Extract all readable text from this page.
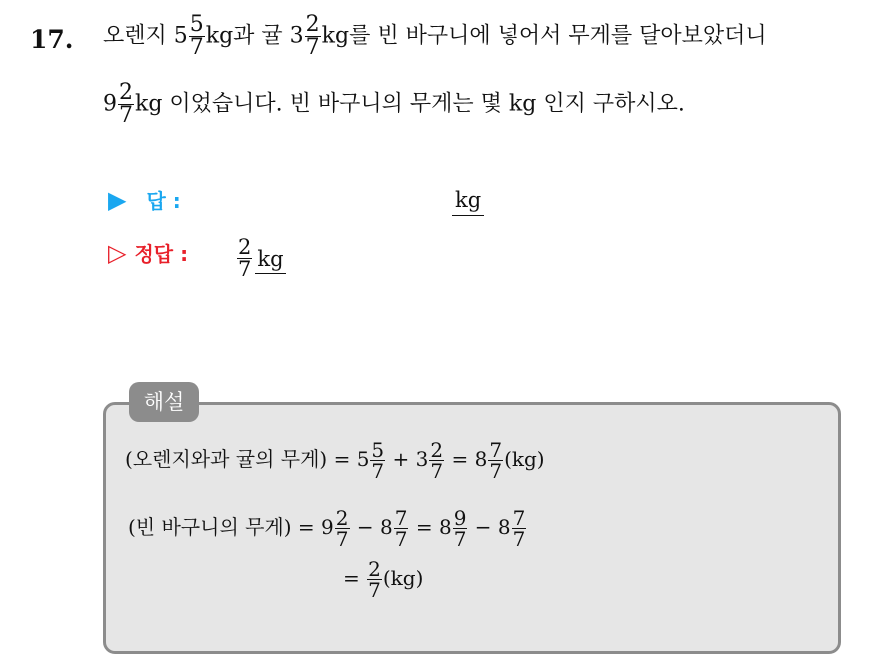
17. 오렌지 $5 \frac{5}{7}$ kg과 귤 $3 \frac{2}{7}$ kg를 빈 바구니에 넣어서 무게를 달아보았더니
$9 \frac{2}{7}$ kg 이었습니다. 빈 바구니의 무게는 몇 kg 인지 구하시오.
▶ 답 :	kg
▷ 정답 : $\frac{2}{7}$ kg
해설
(오렌지와과 귤의 무게) = $5 \frac{5}{7} + 3 \frac{2}{7} = 8 \frac{7}{7} (kg)$
(빈 바구니의 무게) = $9 \frac{2}{7} - 8 \frac{7}{7} = 8 \frac{9}{7} - 8 \frac{7}{7}$
= $\frac{2}{7} (kg)$
